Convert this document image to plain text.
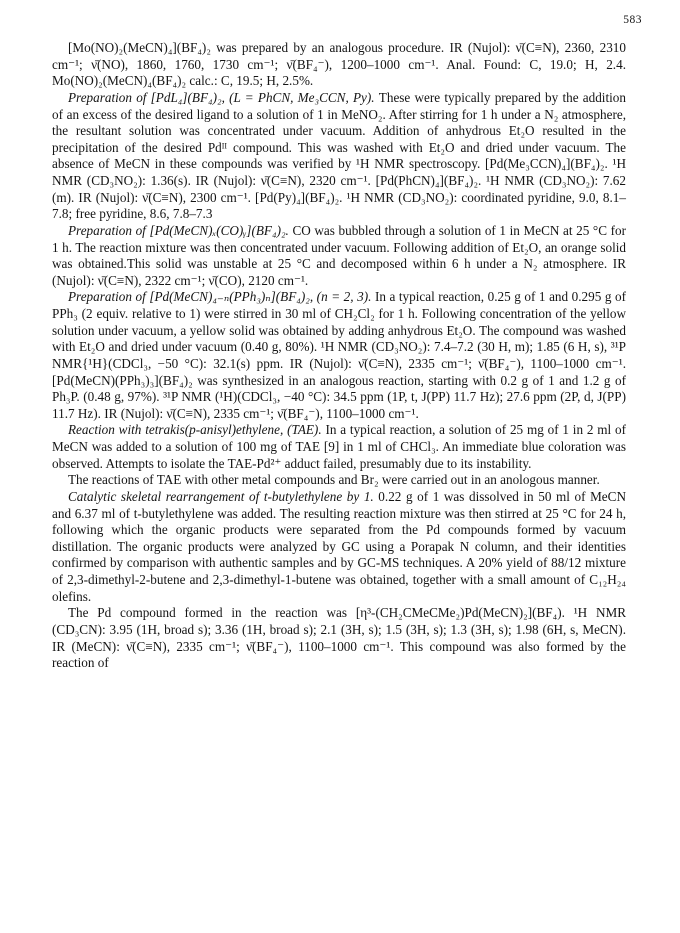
583

[Mo(NO)₂(MeCN)₄](BF₄)₂ was prepared by an analogous procedure. IR (Nujol): ν̄(C≡N), 2360, 2310 cm⁻¹; ν̄(NO), 1860, 1760, 1730 cm⁻¹; ν̄(BF₄⁻), 1200–1000 cm⁻¹. Anal. Found: C, 19.0; H, 2.4. Mo(NO)₂(MeCN)₄(BF₄)₂ calc.: C, 19.5; H, 2.5%.

Preparation of [PdL₄](BF₄)₂, (L = PhCN, Me₃CCN, Py). These were typically prepared by the addition of an excess of the desired ligand to a solution of 1 in MeNO₂. After stirring for 1 h under a N₂ atmosphere, the resultant solution was concentrated under vacuum. Addition of anhydrous Et₂O resulted in the precipitation of the desired Pdᴵᴵ compound. This was washed with Et₂O and dried under vacuum. The absence of MeCN in these compounds was verified by ¹H NMR spectroscopy. [Pd(Me₃CCN)₄](BF₄)₂. ¹H NMR (CD₃NO₂): 1.36(s). IR (Nujol): ν̄(C≡N), 2320 cm⁻¹. [Pd(PhCN)₄](BF₄)₂. ¹H NMR (CD₃NO₂): 7.62 (m). IR (Nujol): ν̄(C≡N), 2300 cm⁻¹. [Pd(Py)₄](BF₄)₂. ¹H NMR (CD₃NO₂): coordinated pyridine, 9.0, 8.1–7.8; free pyridine, 8.6, 7.8–7.3

Preparation of [Pd(MeCN)ₓ(CO)ᵧ](BF₄)₂. CO was bubbled through a solution of 1 in MeCN at 25 °C for 1 h. The reaction mixture was then concentrated under vacuum. Following addition of Et₂O, an orange solid was obtained.This solid was unstable at 25 °C and decomposed within 6 h under a N₂ atmosphere. IR (Nujol): ν̄(C≡N), 2322 cm⁻¹; ν̄(CO), 2120 cm⁻¹.

Preparation of [Pd(MeCN)₄₋ₙ(PPh₃)ₙ](BF₄)₂, (n = 2, 3). In a typical reaction, 0.25 g of 1 and 0.295 g of PPh₃ (2 equiv. relative to 1) were stirred in 30 ml of CH₂Cl₂ for 1 h. Following concentration of the yellow solution under vacuum, a yellow solid was obtained by adding anhydrous Et₂O. The compound was washed with Et₂O and dried under vacuum (0.40 g, 80%). ¹H NMR (CD₃NO₂): 7.4–7.2 (30 H, m); 1.85 (6 H, s), ³¹P NMR{¹H}(CDCl₃, −50 °C): 32.1(s) ppm. IR (Nujol): ν̄(C≡N), 2335 cm⁻¹; ν̄(BF₄⁻), 1100–1000 cm⁻¹. [Pd(MeCN)(PPh₃)₃](BF₄)₂ was synthesized in an analogous reaction, starting with 0.2 g of 1 and 1.2 g of Ph₃P. (0.48 g, 97%). ³¹P NMR (¹H)(CDCl₃, −40 °C): 34.5 ppm (1P, t, J(PP) 11.7 Hz); 27.6 ppm (2P, d, J(PP) 11.7 Hz). IR (Nujol): ν̄(C≡N), 2335 cm⁻¹; ν̄(BF₄⁻), 1100–1000 cm⁻¹.

Reaction with tetrakis(p-anisyl)ethylene, (TAE). In a typical reaction, a solution of 25 mg of 1 in 2 ml of MeCN was added to a solution of 100 mg of TAE [9] in 1 ml of CHCl₃. An immediate blue coloration was observed. Attempts to isolate the TAE-Pd²⁺ adduct failed, presumably due to its instability.

The reactions of TAE with other metal compounds and Br₂ were carried out in an anologous manner.

Catalytic skeletal rearrangement of t-butylethylene by 1. 0.22 g of 1 was dissolved in 50 ml of MeCN and 6.37 ml of t-butylethylene was added. The resulting reaction mixture was then stirred at 25 °C for 24 h, following which the organic products were separated from the Pd compounds formed by vacuum distillation. The organic products were analyzed by GC using a Porapak N column, and their identities confirmed by comparison with authentic samples and by GC-MS techniques. A 20% yield of 88/12 mixture of 2,3-dimethyl-2-butene and 2,3-dimethyl-1-butene was obtained, together with a small amount of C₁₂H₂₄ olefins.

The Pd compound formed in the reaction was [η³-(CH₂CMeCMe₂)Pd(MeCN)₂](BF₄). ¹H NMR (CD₃CN): 3.95 (1H, broad s); 3.36 (1H, broad s); 2.1 (3H, s); 1.5 (3H, s); 1.3 (3H, s); 1.98 (6H, s, MeCN). IR (MeCN): ν̄(C≡N), 2335 cm⁻¹; ν̄(BF₄⁻), 1100–1000 cm⁻¹. This compound was also formed by the reaction of
